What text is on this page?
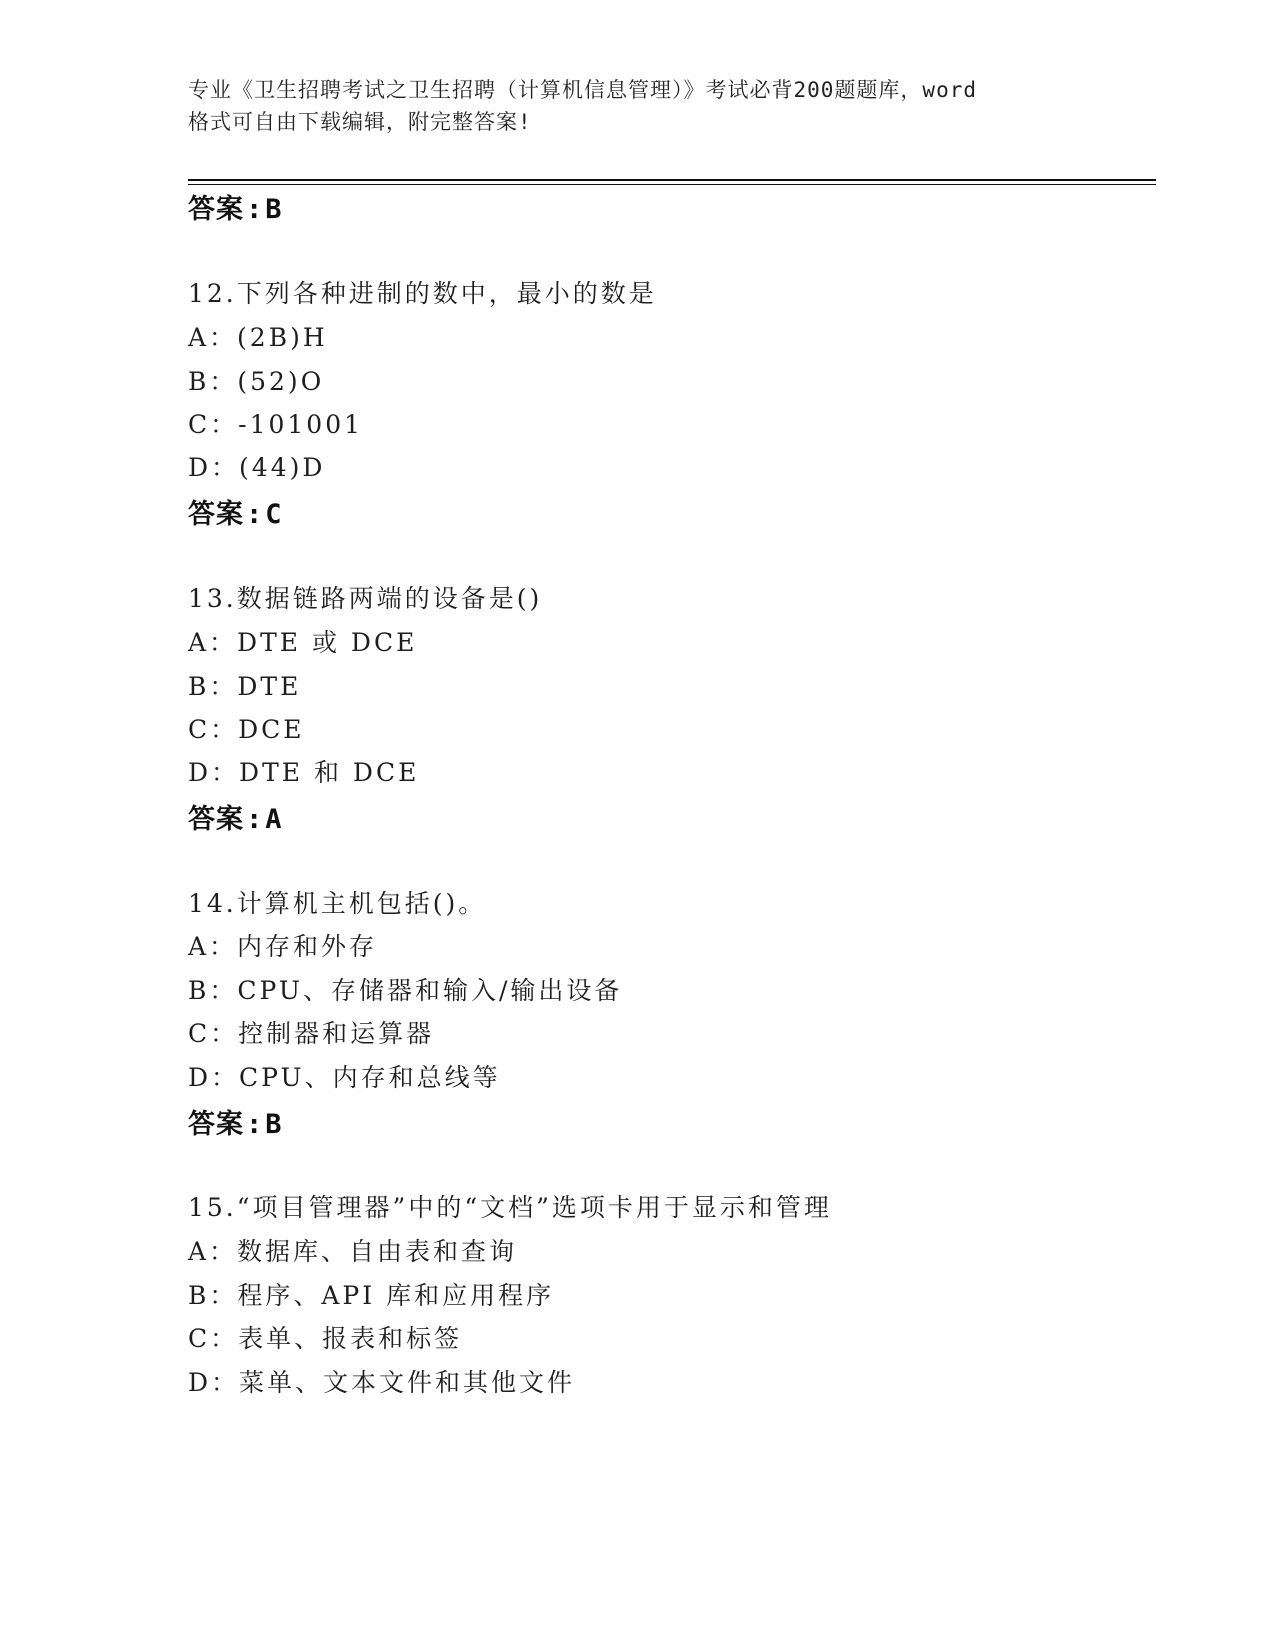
专业《卫生招聘考试之卫生招聘（计算机信息管理）》考试必背200题题库，word
格式可自由下载编辑，附完整答案!
答案:B
12.下列各种进制的数中，最小的数是
A：(2B)H
B：(52)O
C：-101001
D：(44)D
答案:C
13.数据链路两端的设备是()
A：DTE 或 DCE
B：DTE
C：DCE
D：DTE 和 DCE
答案:A
14.计算机主机包括()。
A：内存和外存
B：CPU、存储器和输入/输出设备
C：控制器和运算器
D：CPU、内存和总线等
答案:B
15.“项目管理器”中的“文档”选项卡用于显示和管理
A：数据库、自由表和查询
B：程序、API 库和应用程序
C：表单、报表和标签
D：菜单、文本文件和其他文件
